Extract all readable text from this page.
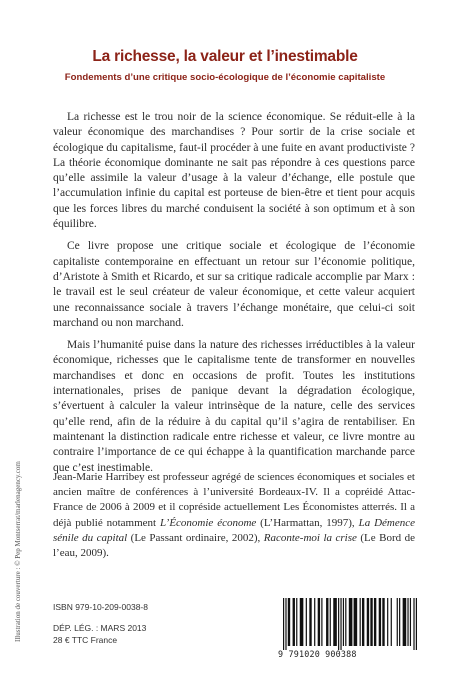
La richesse, la valeur et l’inestimable
Fondements d’une critique socio-écologique de l’économie capitaliste

La richesse est le trou noir de la science économique. Se réduit-elle à la valeur économique des marchandises ? Pour sortir de la crise sociale et écologique du capitalisme, faut-il procéder à une fuite en avant productiviste ? La théorie économique dominante ne sait pas répondre à ces questions parce qu’elle assimile la valeur d’usage à la valeur d’échange, elle postule que l’accumulation infinie du capital est porteuse de bien-être et tient pour acquis que les forces libres du marché conduisent la société à son optimum et à son équilibre.

Ce livre propose une critique sociale et écologique de l’économie capitaliste contemporaine en effectuant un retour sur l’économie politique, d’Aristote à Smith et Ricardo, et sur sa critique radicale accomplie par Marx : le travail est le seul créateur de valeur économique, et cette valeur acquiert une reconnaissance sociale à travers l’échange monétaire, que celui-ci soit marchand ou non marchand.

Mais l’humanité puise dans la nature des richesses irréductibles à la valeur économique, richesses que le capitalisme tente de transformer en nouvelles marchandises et donc en occasions de profit. Toutes les institutions internationales, prises de panique devant la dégradation écologique, s’évertuent à calculer la valeur intrinsèque de la nature, celle des services qu’elle rend, afin de la réduire à du capital qu’il s’agira de rentabiliser. En maintenant la distinction radicale entre richesse et valeur, ce livre montre au contraire l’importance de ce qui échappe à la quantification marchande parce que c’est inestimable.

Jean-Marie Harribey est professeur agrégé de sciences économiques et sociales et ancien maître de conférences à l’université Bordeaux-IV. Il a copréidé Attac-France de 2006 à 2009 et il copréside actuellement Les Économistes atterrés. Il a déjà publié notamment L’Économie économe (L’Harmattan, 1997), La Démence sénile du capital (Le Passant ordinaire, 2002), Raconte-moi la crise (Le Bord de l’eau, 2009).

Illustration de couverture : © Pep Montserrat/marlenagency.com	ISBN 979-10-209-0038-8

DÉP. LÉG. : MARS 2013
28 € TTC France
9 791020 900388
